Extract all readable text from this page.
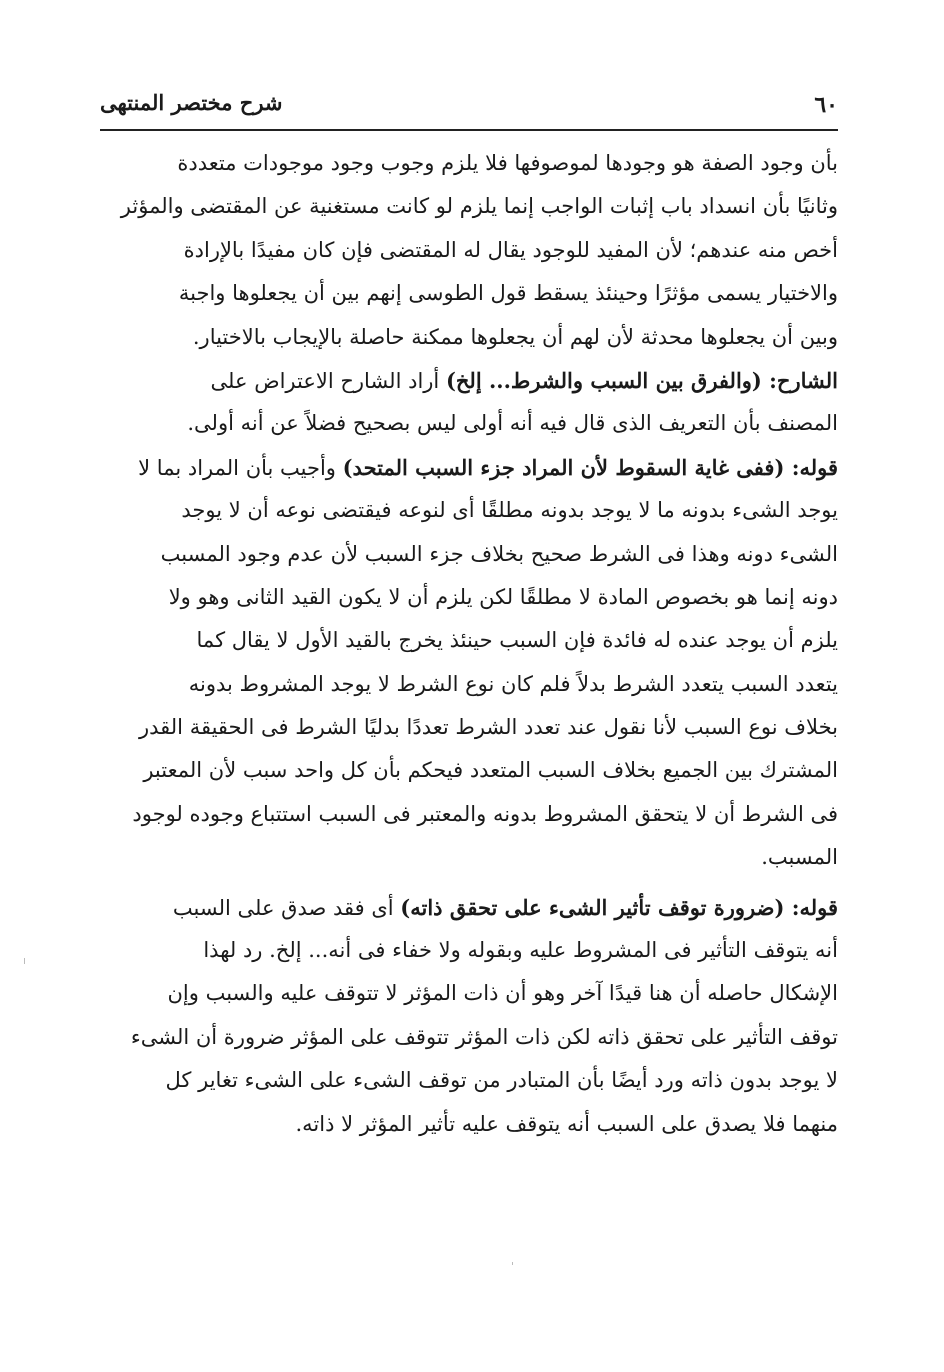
٦٠
شرح مختصر المنتهى
بأن وجود الصفة هو وجودها لموصوفها فلا يلزم وجوب وجود موجودات متعددة
وثانيًا بأن انسداد باب إثبات الواجب إنما يلزم لو كانت مستغنية عن المقتضى والمؤثر
أخص منه عندهم؛ لأن المفيد للوجود يقال له المقتضى فإن كان مفيدًا بالإرادة
والاختيار يسمى مؤثرًا وحينئذ يسقط قول الطوسى إنهم بين أن يجعلوها واجبة
وبين أن يجعلوها محدثة لأن لهم أن يجعلوها ممكنة حاصلة بالإيجاب بالاختيار.
الشارح: (والفرق بين السبب والشرط... إلخ) أراد الشارح الاعتراض على
المصنف بأن التعريف الذى قال فيه أنه أولى ليس بصحيح فضلاً عن أنه أولى.
قوله: (ففى غاية السقوط لأن المراد جزء السبب المتحد) وأجيب بأن المراد بما لا
يوجد الشىء بدونه ما لا يوجد بدونه مطلقًا أى لنوعه فيقتضى نوعه أن لا يوجد
الشىء دونه وهذا فى الشرط صحيح بخلاف جزء السبب لأن عدم وجود المسبب
دونه إنما هو بخصوص المادة لا مطلقًا لكن يلزم أن لا يكون القيد الثانى وهو ولا
يلزم أن يوجد عنده له فائدة فإن السبب حينئذ يخرج بالقيد الأول لا يقال كما
يتعدد السبب يتعدد الشرط بدلاً فلم كان نوع الشرط لا يوجد المشروط بدونه
بخلاف نوع السبب لأنا نقول عند تعدد الشرط تعددًا بدليًا الشرط فى الحقيقة القدر
المشترك بين الجميع بخلاف السبب المتعدد فيحكم بأن كل واحد سبب لأن المعتبر
فى الشرط أن لا يتحقق المشروط بدونه والمعتبر فى السبب استتباع وجوده لوجود
المسبب.
قوله: (ضرورة توقف تأثير الشىء على تحقق ذاته) أى فقد صدق على السبب
أنه يتوقف التأثير فى المشروط عليه وبقوله ولا خفاء فى أنه... إلخ. رد لهذا
الإشكال حاصله أن هنا قيدًا آخر وهو أن ذات المؤثر لا تتوقف عليه والسبب وإن
توقف التأثير على تحقق ذاته لكن ذات المؤثر تتوقف على المؤثر ضرورة أن الشىء
لا يوجد بدون ذاته ورد أيضًا بأن المتبادر من توقف الشىء على الشىء تغاير كل
منهما فلا يصدق على السبب أنه يتوقف عليه تأثير المؤثر لا ذاته.
